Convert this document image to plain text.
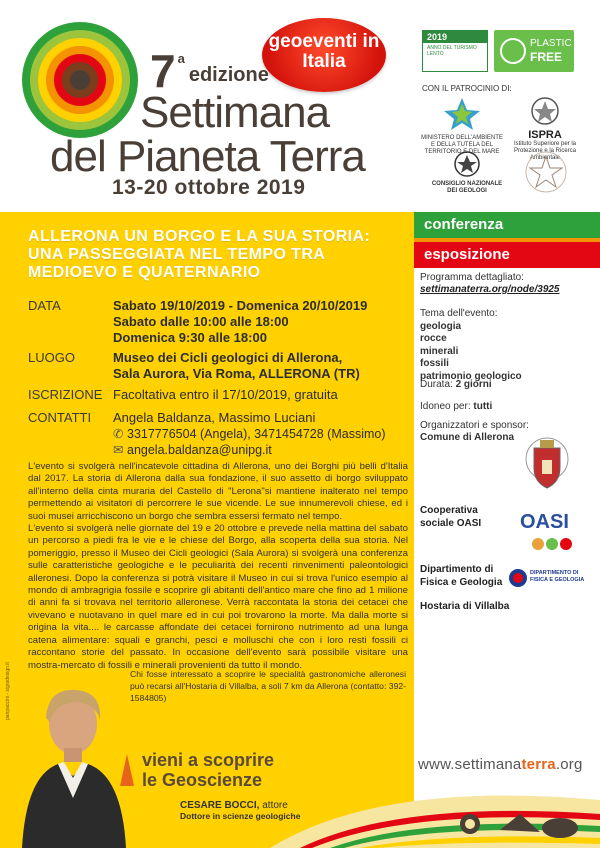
7 $^a$edizione
Settimana
del Pianeta Terra
13-20 ottobre 2019
geoeventi in Italia
2019
ANNO DEL TURISMO LENTO
PLASTIC
FREE
CON IL PATROCINIO DI:
MINISTERO DELL'AMBIENTE E DELLA TUTELA DEL TERRITORIO E DEL MARE
ISPRA
Istituto Superiore per la Protezione e la Ricerca Ambientale
CONSIGLIO NAZIONALE DEI GEOLOGI
ALLERONA UN BORGO E LA SUA STORIA: UNA PASSEGGIATA NEL TEMPO TRA MEDIOEVO E QUATERNARIO
DATA	Sabato 19/10/2019 - Domenica 20/10/2019
Sabato dalle 10:00 alle 18:00
Domenica 9:30 alle 18:00
LUOGO	Museo dei Cicli geologici di Allerona,
Sala Aurora, Via Roma, ALLERONA (TR)
ISCRIZIONE Facoltativa entro il 17/10/2019, gratuita
CONTATTI	Angela Baldanza, Massimo Luciani
✆ 3317776504 (Angela), 3471454728 (Massimo)
✉ angela.baldanza@unipg.it

L'evento si svolgerà nell'incatevole cittadina di Allerona, uno dei Borghi più belli d'Italia dal 2017. La storia di Allerona dalla sua fondazione, il suo assetto di borgo sviluppato all'interno della cinta muraria del Castello di "Lerona"si mantiene inalterato nel tempo permettendo ai visitatori di percorrere le sue vicende. Le sue innumerevoli chiese, ed i suoi musei arricchiscono un borgo che sembra essersi fermato nel tempo.

L'evento si svolgerà nelle giornate del 19 e 20 ottobre e prevede nella mattina del sabato un percorso a piedi fra le vie e le chiese del Borgo, alla scoperta della sua storia. Nel pomeriggio, presso il Museo dei Cicli geologici (Sala Aurora) si svolgerà una conferenza sulle caratteristiche geologiche e le peculiarità dei recenti rinvenimenti paleontologici alleronesi. Dopo la conferenza si potrà visitare il Museo in cui si trova l'unico esempio al mondo di ambragrigia fossile e scoprire gli abitanti dell'antico mare che fino ad 1 milione di anni fa si trovava nel territorio alleronese. Verrà raccontata la storia dei cetacei che vivevano e nuotavano in quel mare ed in cui poi trovarono la morte. Ma dalla morte si origina la vita.... le carcasse affondate dei cetacei fornirono nutrimento ad una lunga catena alimentare: squali e granchi, pesci e molluschi che con i loro resti fossili ci raccontano storie del passato. In occasione dell'evento sarà possibile visitare una mostra-mercato di fossili e minerali provenienti da tutto il mondo.

Chi fosse interessato a scoprire le specialità gastronomiche alleronesi può recarsi all'Hostaria di Villalba, a soli 7 km da Allerona (contatto: 392-1584805)
panpaccini - sigradesign.it
vieni a scoprire
le Geoscienze
CESARE BOCCI, attore
Dottore in scienze geologiche
conferenza
esposizione
Programma dettagliato:
settimanaterra.org/node/3925
Tema dell'evento:
geologia
rocce
minerali
fossili
patrimonio geologico
Durata: 2 giorni
Idoneo per: tutti
Organizzatori e sponsor:
Comune di Allerona
Cooperativa
sociale OASI OASI
Dipartimento di
Fisica e Geologia
DIPARTIMENTO DI FISICA E GEOLOGIA
Hostaria di Villalba
www.settimanaterra.org
